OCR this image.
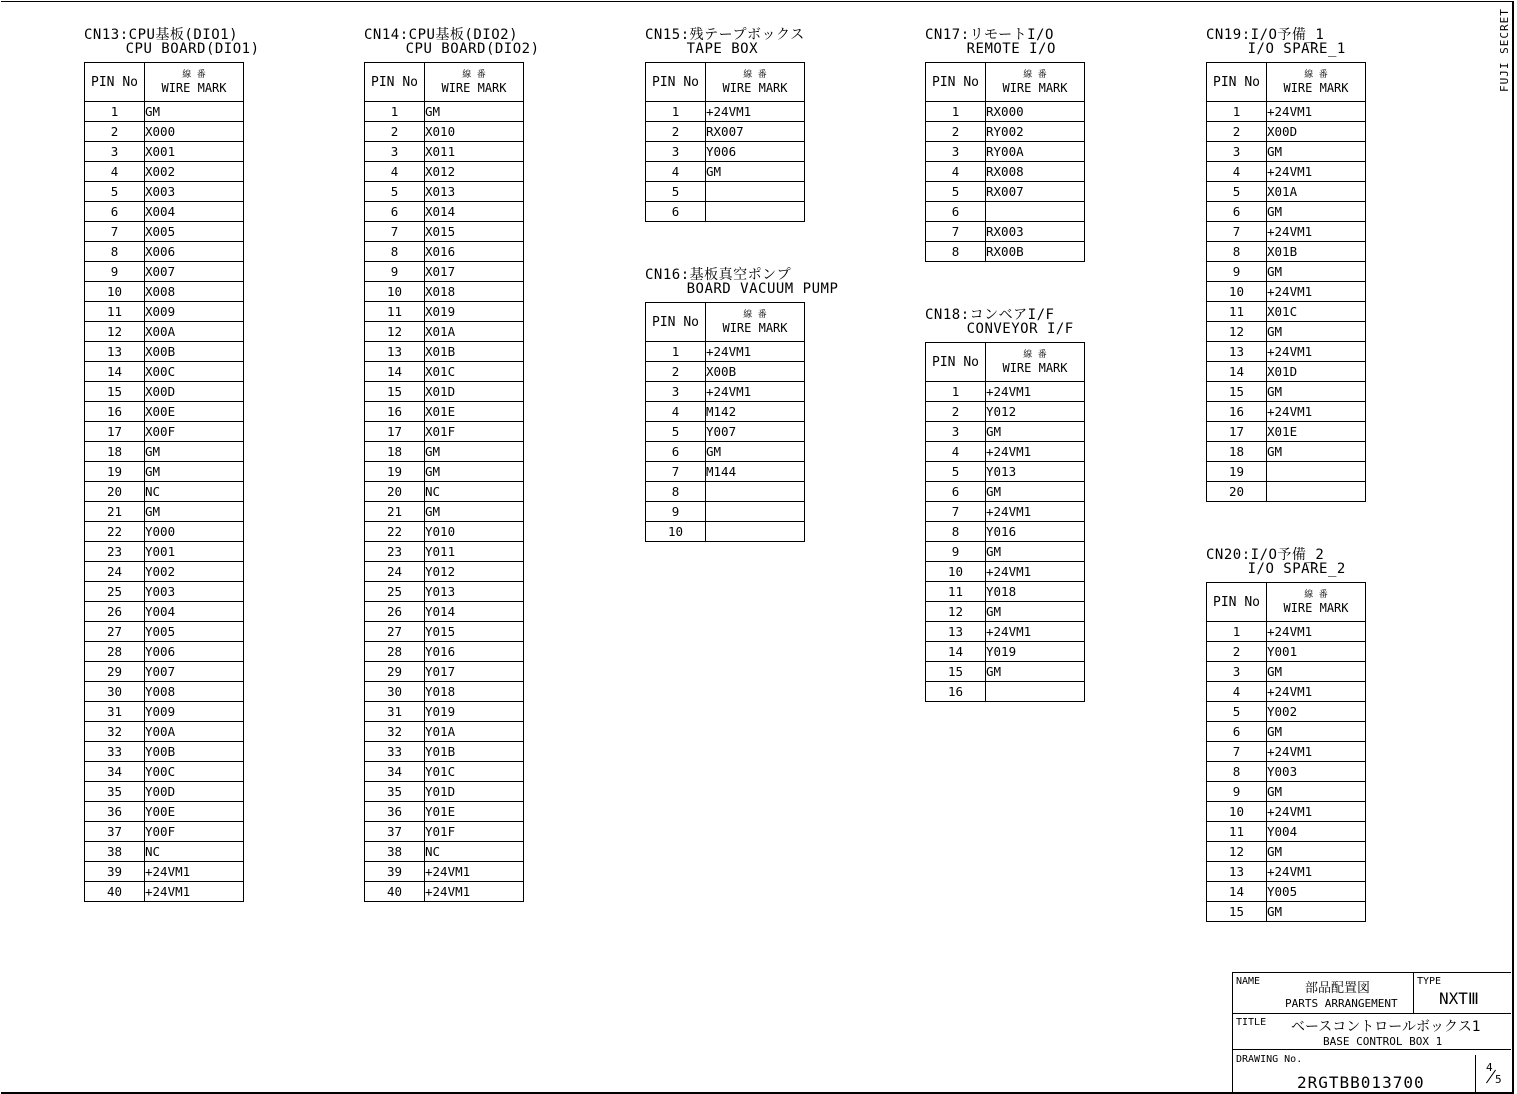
FUJI SECRET
CN13:CPU基板(DIO1)

CPU BOARD(DIO1)
PIN No	線 番
WIRE MARK
1	GM
2	X000
3	X001
4	X002
5	X003
6	X004
7	X005
8	X006
9	X007
10	X008
11	X009
12	X00A
13	X00B
14	X00C
15	X00D
16	X00E
17	X00F
18	GM
19	GM
20	NC
21	GM
22	Y000
23	Y001
24	Y002
25	Y003
26	Y004
27	Y005
28	Y006
29	Y007
30	Y008
31	Y009
32	Y00A
33	Y00B
34	Y00C
35	Y00D
36	Y00E
37	Y00F
38	NC
39	+24VM1
40	+24VM1
CN14:CPU基板(DIO2)

CPU BOARD(DIO2)
PIN No	線 番
WIRE MARK
1	GM
2	X010
3	X011
4	X012
5	X013
6	X014
7	X015
8	X016
9	X017
10	X018
11	X019
12	X01A
13	X01B
14	X01C
15	X01D
16	X01E
17	X01F
18	GM
19	GM
20	NC
21	GM
22	Y010
23	Y011
24	Y012
25	Y013
26	Y014
27	Y015
28	Y016
29	Y017
30	Y018
31	Y019
32	Y01A
33	Y01B
34	Y01C
35	Y01D
36	Y01E
37	Y01F
38	NC
39	+24VM1
40	+24VM1
CN15:残テープボックス

TAPE BOX
PIN No	線 番
WIRE MARK
1	+24VM1
2	RX007
3	Y006
4	GM
5	
6	
CN16:基板真空ポンプ

BOARD VACUUM PUMP
PIN No	線 番
WIRE MARK
1	+24VM1
2	X00B
3	+24VM1
4	M142
5	Y007
6	GM
7	M144
8	
9	
10	
CN17:リモートI/O

REMOTE I/O
PIN No	線 番
WIRE MARK
1	RX000
2	RY002
3	RY00A
4	RX008
5	RX007
6	
7	RX003
8	RX00B
CN18:コンベアI/F

CONVEYOR I/F
PIN No	線 番
WIRE MARK
1	+24VM1
2	Y012
3	GM
4	+24VM1
5	Y013
6	GM
7	+24VM1
8	Y016
9	GM
10	+24VM1
11	Y018
12	GM
13	+24VM1
14	Y019
15	GM
16	
CN19:I/O予備_1

I/O SPARE_1
PIN No	線 番
WIRE MARK
1	+24VM1
2	X00D
3	GM
4	+24VM1
5	X01A
6	GM
7	+24VM1
8	X01B
9	GM
10	+24VM1
11	X01C
12	GM
13	+24VM1
14	X01D
15	GM
16	+24VM1
17	X01E
18	GM
19	
20	
CN20:I/O予備_2

I/O SPARE_2
PIN No	線 番
WIRE MARK
1	+24VM1
2	Y001
3	GM
4	+24VM1
5	Y002
6	GM
7	+24VM1
8	Y003
9	GM
10	+24VM1
11	Y004
12	GM
13	+24VM1
14	Y005
15	GM
NAME	部品配置図
PARTS ARRANGEMENT
TYPE
NXTⅢ
TITLE ベースコントロールボックス1
BASE CONTROL BOX 1
DRAWING No.
2RGTBB013700
4
5
